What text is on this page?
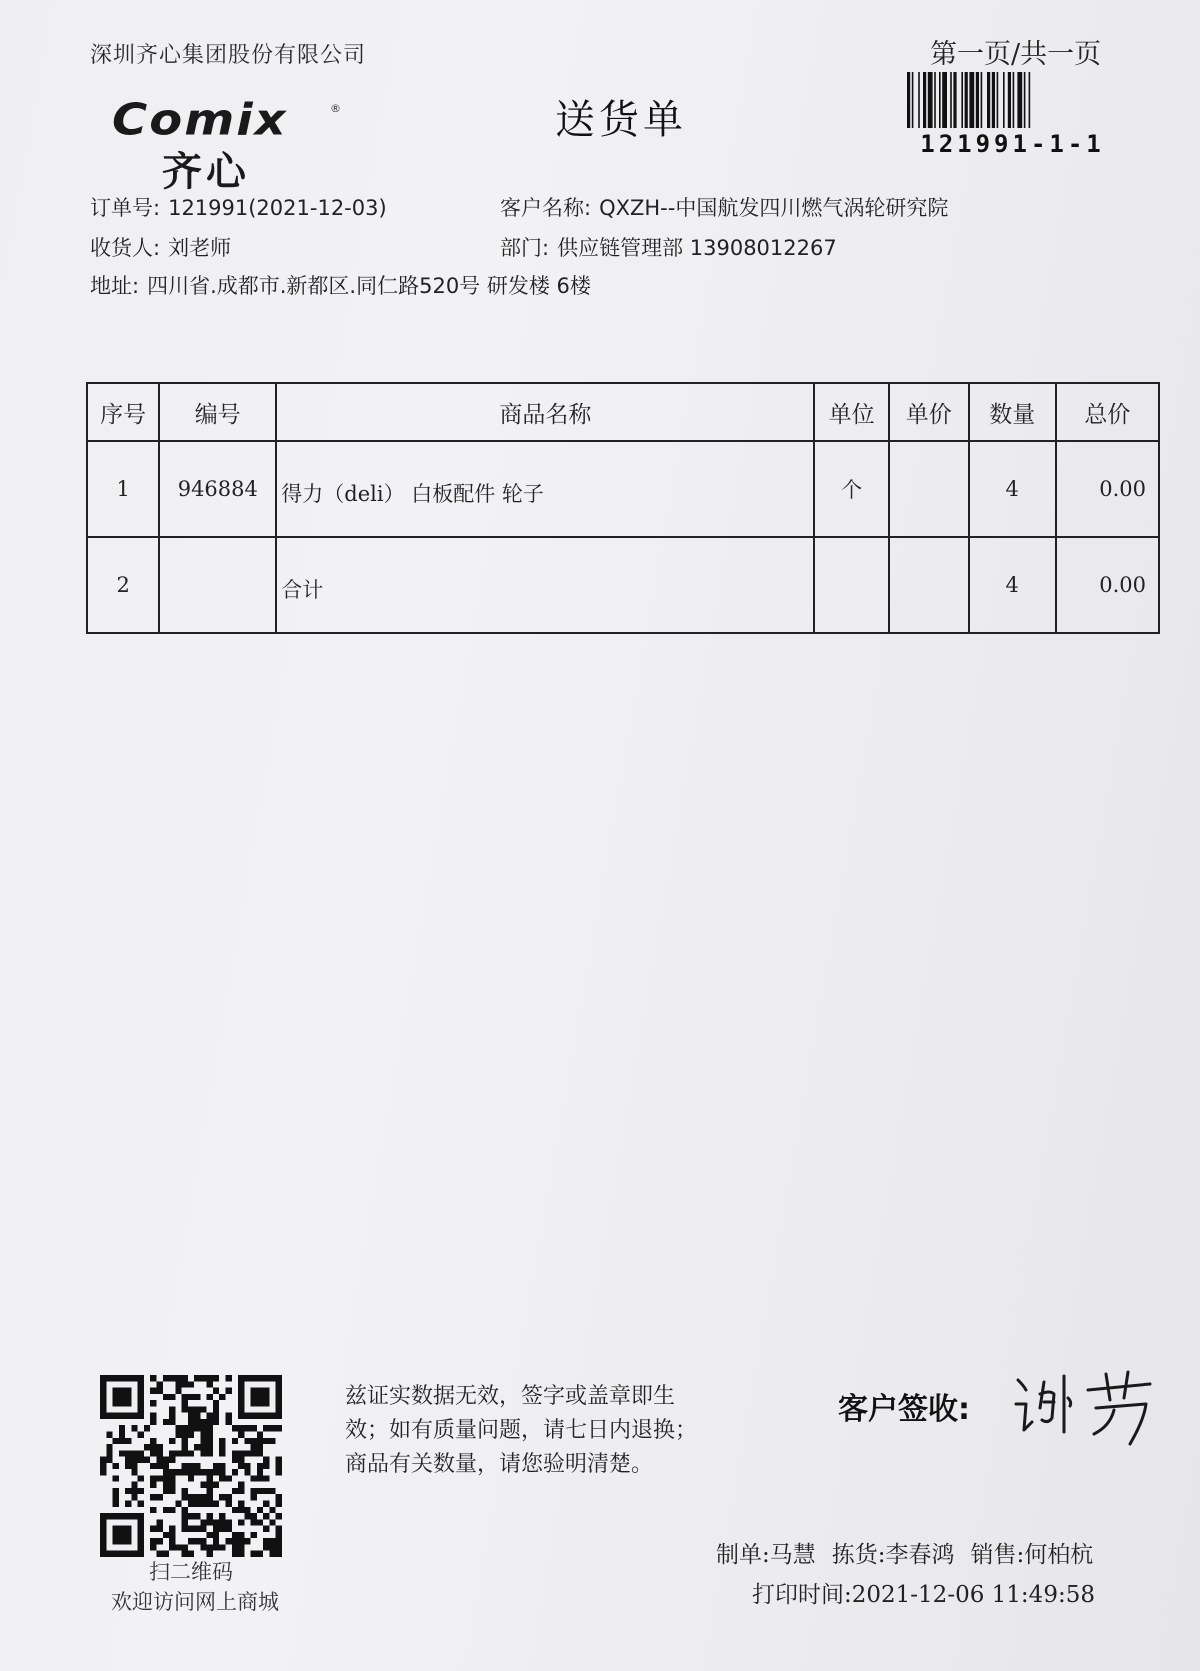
深圳齐心集团股份有限公司	第一页/共一页
121991-1-1
Comix	®
齐心
送货单
订单号: 121991(2021-12-03)	客户名称: QXZH--中国航发四川燃气涡轮研究院
收货人: 刘老师	部门: 供应链管理部 13908012267
地址: 四川省.成都市.新都区.同仁路520号 研发楼 6楼
序号	编号	商品名称	单位	单价	数量	总价
1	946884	得力（deli） 白板配件 轮子	个		4	0.00
2		合计			4	0.00
扫二维码
欢迎访问网上商城
兹证实数据无效，签字或盖章即生
效；如有质量问题，请七日内退换；
商品有关数量，请您验明清楚。
客户签收:
制单:马慧 拣货:李春鸿 销售:何柏杭
打印时间:2021-12-06 11:49:58
